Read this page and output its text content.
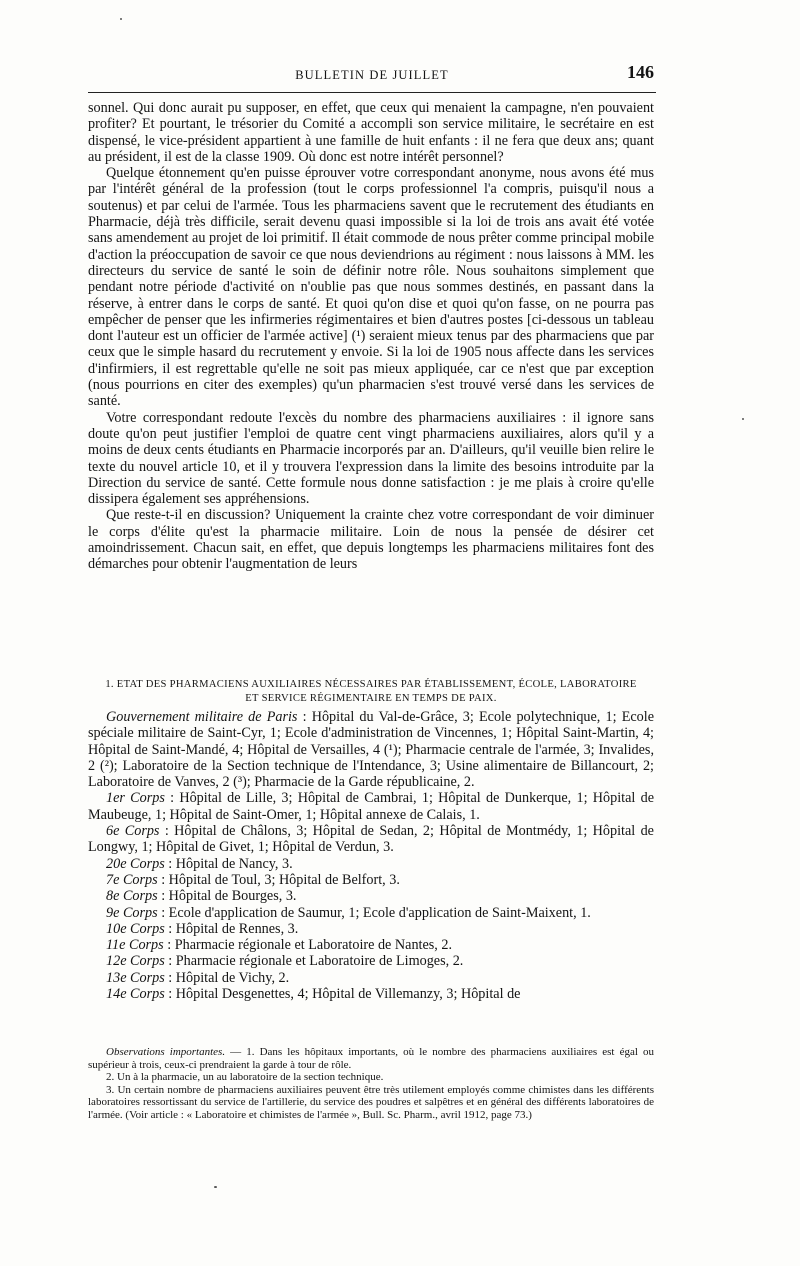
BULLETIN DE JUILLET	146

sonnel. Qui donc aurait pu supposer, en effet, que ceux qui menaient la campagne, n'en pouvaient profiter? Et pourtant, le trésorier du Comité a accompli son service militaire, le secrétaire en est dispensé, le vice-président appartient à une famille de huit enfants : il ne fera que deux ans; quant au président, il est de la classe 1909. Où donc est notre intérêt personnel?

Quelque étonnement qu'en puisse éprouver votre correspondant anonyme, nous avons été mus par l'intérêt général de la profession (tout le corps professionnel l'a compris, puisqu'il nous a soutenus) et par celui de l'armée. Tous les pharmaciens savent que le recrutement des étudiants en Pharmacie, déjà très difficile, serait devenu quasi impossible si la loi de trois ans avait été votée sans amendement au projet de loi primitif. Il était commode de nous prêter comme principal mobile d'action la préoccupation de savoir ce que nous deviendrions au régiment : nous laissons à MM. les directeurs du service de santé le soin de définir notre rôle. Nous souhaitons simplement que pendant notre période d'activité on n'oublie pas que nous sommes destinés, en passant dans la réserve, à entrer dans le corps de santé. Et quoi qu'on dise et quoi qu'on fasse, on ne pourra pas empêcher de penser que les infirmeries régimentaires et bien d'autres postes [ci-dessous un tableau dont l'auteur est un officier de l'armée active] (¹) seraient mieux tenus par des pharmaciens que par ceux que le simple hasard du recrutement y envoie. Si la loi de 1905 nous affecte dans les services d'infirmiers, il est regrettable qu'elle ne soit pas mieux appliquée, car ce n'est que par exception (nous pourrions en citer des exemples) qu'un pharmacien s'est trouvé versé dans les services de santé.

Votre correspondant redoute l'excès du nombre des pharmaciens auxiliaires : il ignore sans doute qu'on peut justifier l'emploi de quatre cent vingt pharmaciens auxiliaires, alors qu'il y a moins de deux cents étudiants en Pharmacie incorporés par an. D'ailleurs, qu'il veuille bien relire le texte du nouvel article 10, et il y trouvera l'expression dans la limite des besoins introduite par la Direction du service de santé. Cette formule nous donne satisfaction : je me plais à croire qu'elle dissipera également ses appréhensions.

Que reste-t-il en discussion? Uniquement la crainte chez votre correspondant de voir diminuer le corps d'élite qu'est la pharmacie militaire. Loin de nous la pensée de désirer cet amoindrissement. Chacun sait, en effet, que depuis longtemps les pharmaciens militaires font des démarches pour obtenir l'augmentation de leurs

1. ETAT DES PHARMACIENS AUXILIAIRES NÉCESSAIRES PAR ÉTABLISSEMENT, ÉCOLE, LABORATOIRE
ET SERVICE RÉGIMENTAIRE EN TEMPS DE PAIX.

Gouvernement militaire de Paris : Hôpital du Val-de-Grâce, 3; Ecole polytechnique, 1; Ecole spéciale militaire de Saint-Cyr, 1; Ecole d'administration de Vincennes, 1; Hôpital Saint-Martin, 4; Hôpital de Saint-Mandé, 4; Hôpital de Versailles, 4 (¹); Pharmacie centrale de l'armée, 3; Invalides, 2 (²); Laboratoire de la Section technique de l'Intendance, 3; Usine alimentaire de Billancourt, 2; Laboratoire de Vanves, 2 (³); Pharmacie de la Garde républicaine, 2.

1er Corps : Hôpital de Lille, 3; Hôpital de Cambrai, 1; Hôpital de Dunkerque, 1; Hôpital de Maubeuge, 1; Hôpital de Saint-Omer, 1; Hôpital annexe de Calais, 1.

6e Corps : Hôpital de Châlons, 3; Hôpital de Sedan, 2; Hôpital de Montmédy, 1; Hôpital de Longwy, 1; Hôpital de Givet, 1; Hôpital de Verdun, 3.

20e Corps : Hôpital de Nancy, 3.

7e Corps : Hôpital de Toul, 3; Hôpital de Belfort, 3.

8e Corps : Hôpital de Bourges, 3.

9e Corps : Ecole d'application de Saumur, 1; Ecole d'application de Saint-Maixent, 1.

10e Corps : Hôpital de Rennes, 3.

11e Corps : Pharmacie régionale et Laboratoire de Nantes, 2.

12e Corps : Pharmacie régionale et Laboratoire de Limoges, 2.

13e Corps : Hôpital de Vichy, 2.

14e Corps : Hôpital Desgenettes, 4; Hôpital de Villemanzy, 3; Hôpital de

Observations importantes. — 1. Dans les hôpitaux importants, où le nombre des pharmaciens auxiliaires est égal ou supérieur à trois, ceux-ci prendraient la garde à tour de rôle.

2. Un à la pharmacie, un au laboratoire de la section technique.

3. Un certain nombre de pharmaciens auxiliaires peuvent être très utilement employés comme chimistes dans les différents laboratoires ressortissant du service de l'artillerie, du service des poudres et salpêtres et en général des différents laboratoires de l'armée. (Voir article : « Laboratoire et chimistes de l'armée », Bull. Sc. Pharm., avril 1912, page 73.)
